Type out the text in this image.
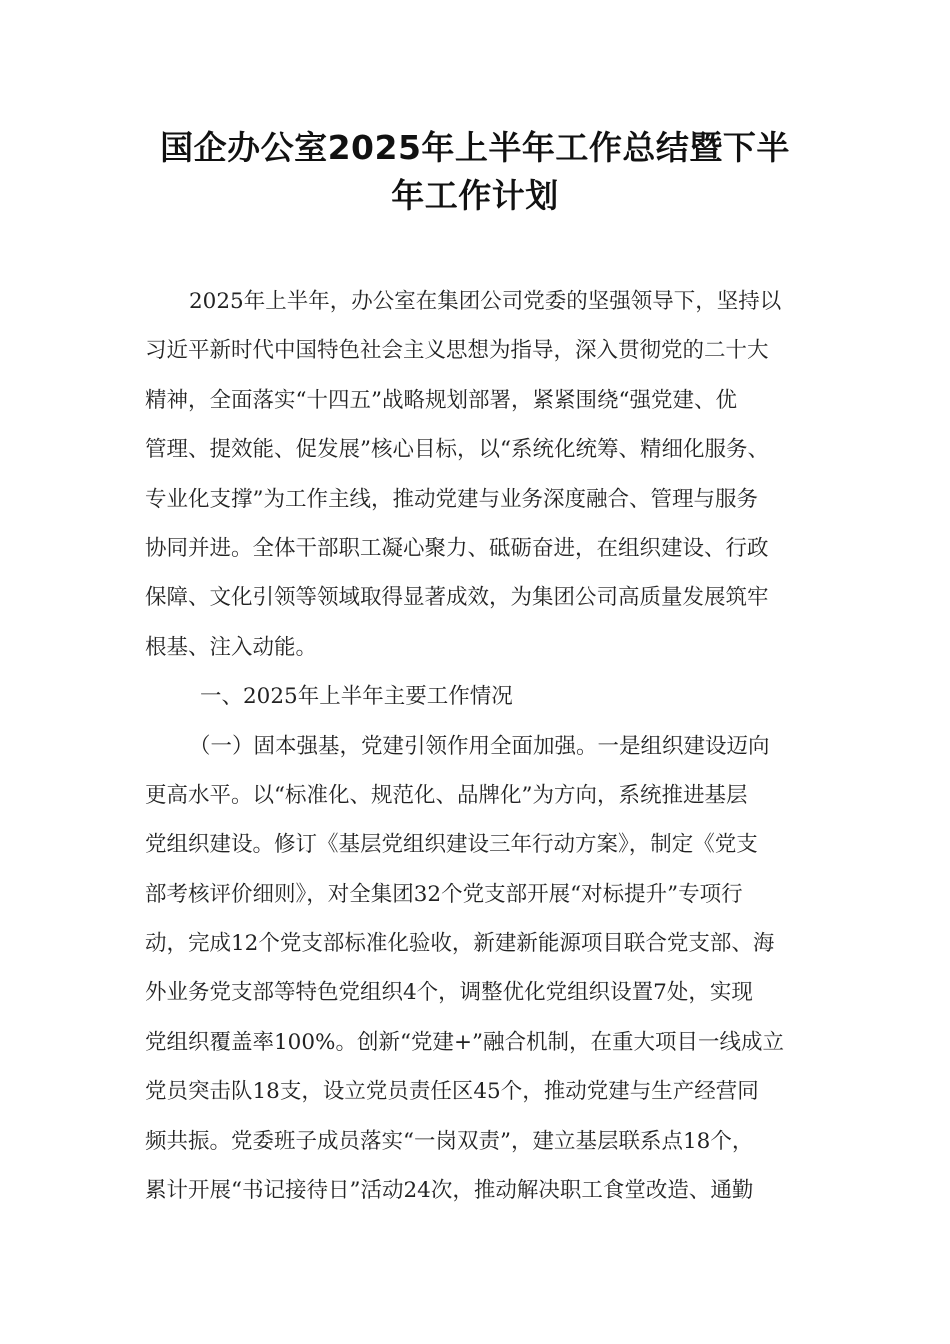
国企办公室2025年上半年工作总结暨下半
年工作计划
2025年上半年，办公室在集团公司党委的坚强领导下，坚持以
习近平新时代中国特色社会主义思想为指导，深入贯彻党的二十大
精神，全面落实“十四五”战略规划部署，紧紧围绕“强党建、优
管理、提效能、促发展”核心目标，以“系统化统筹、精细化服务、
专业化支撑”为工作主线，推动党建与业务深度融合、管理与服务
协同并进。全体干部职工凝心聚力、砥砺奋进，在组织建设、行政
保障、文化引领等领域取得显著成效，为集团公司高质量发展筑牢
根基、注入动能。
一、2025年上半年主要工作情况
（一）固本强基，党建引领作用全面加强。一是组织建设迈向
更高水平。以“标准化、规范化、品牌化”为方向，系统推进基层
党组织建设。修订《基层党组织建设三年行动方案》，制定《党支
部考核评价细则》，对全集团32个党支部开展“对标提升”专项行
动，完成12个党支部标准化验收，新建新能源项目联合党支部、海
外业务党支部等特色党组织4个，调整优化党组织设置7处，实现
党组织覆盖率100%。创新“党建+”融合机制，在重大项目一线成立
党员突击队18支，设立党员责任区45个，推动党建与生产经营同
频共振。党委班子成员落实“一岗双责”，建立基层联系点18个，
累计开展“书记接待日”活动24次，推动解决职工食堂改造、通勤
